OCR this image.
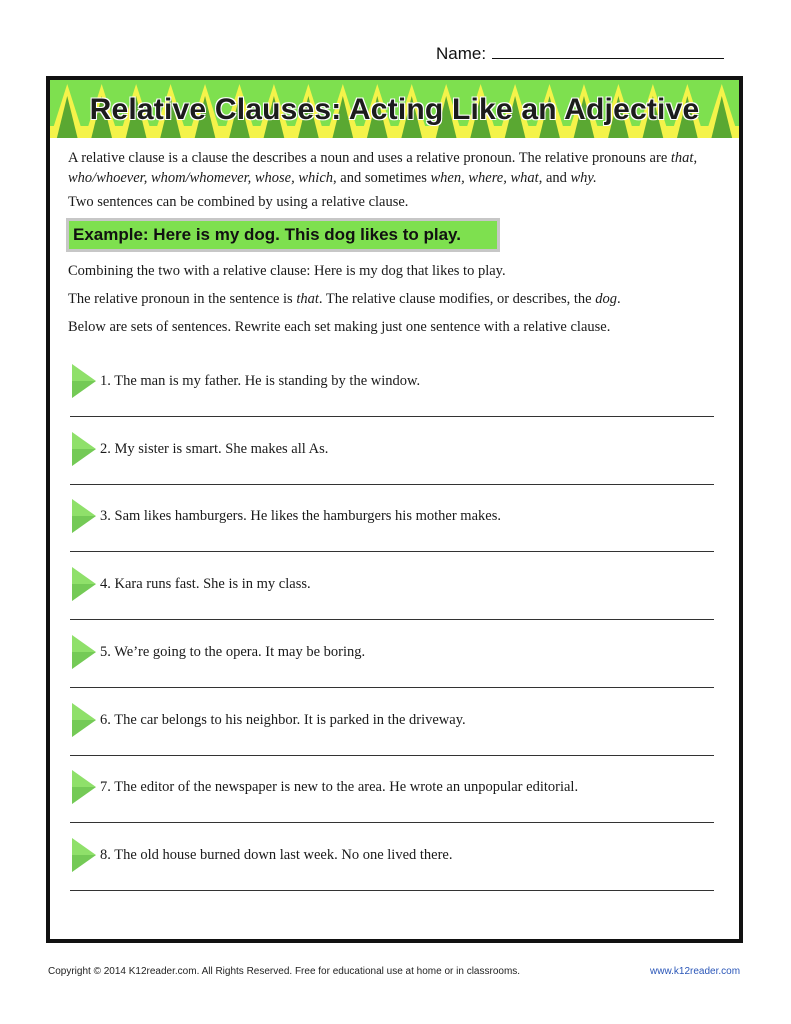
Name:
Relative Clauses: Acting Like an Adjective

A relative clause is a clause the describes a noun and uses a relative pronoun. The relative pronouns are that, who/whoever, whom/whomever, whose, which, and sometimes when, where, what, and why.

Two sentences can be combined by using a relative clause.

Example: Here is my dog. This dog likes to play.

Combining the two with a relative clause: Here is my dog that likes to play.

The relative pronoun in the sentence is that. The relative clause modifies, or describes, the dog.

Below are sets of sentences. Rewrite each set making just one sentence with a relative clause.

1. The man is my father. He is standing by the window.
2. My sister is smart. She makes all As.
3. Sam likes hamburgers. He likes the hamburgers his mother makes.
4. Kara runs fast. She is in my class.
5. We’re going to the opera. It may be boring.
6. The car belongs to his neighbor. It is parked in the driveway.
7. The editor of the newspaper is new to the area. He wrote an unpopular editorial.
8. The old house burned down last week. No one lived there.
Copyright © 2014 K12reader.com. All Rights Reserved. Free for educational use at home or in classrooms.	www.k12reader.com
